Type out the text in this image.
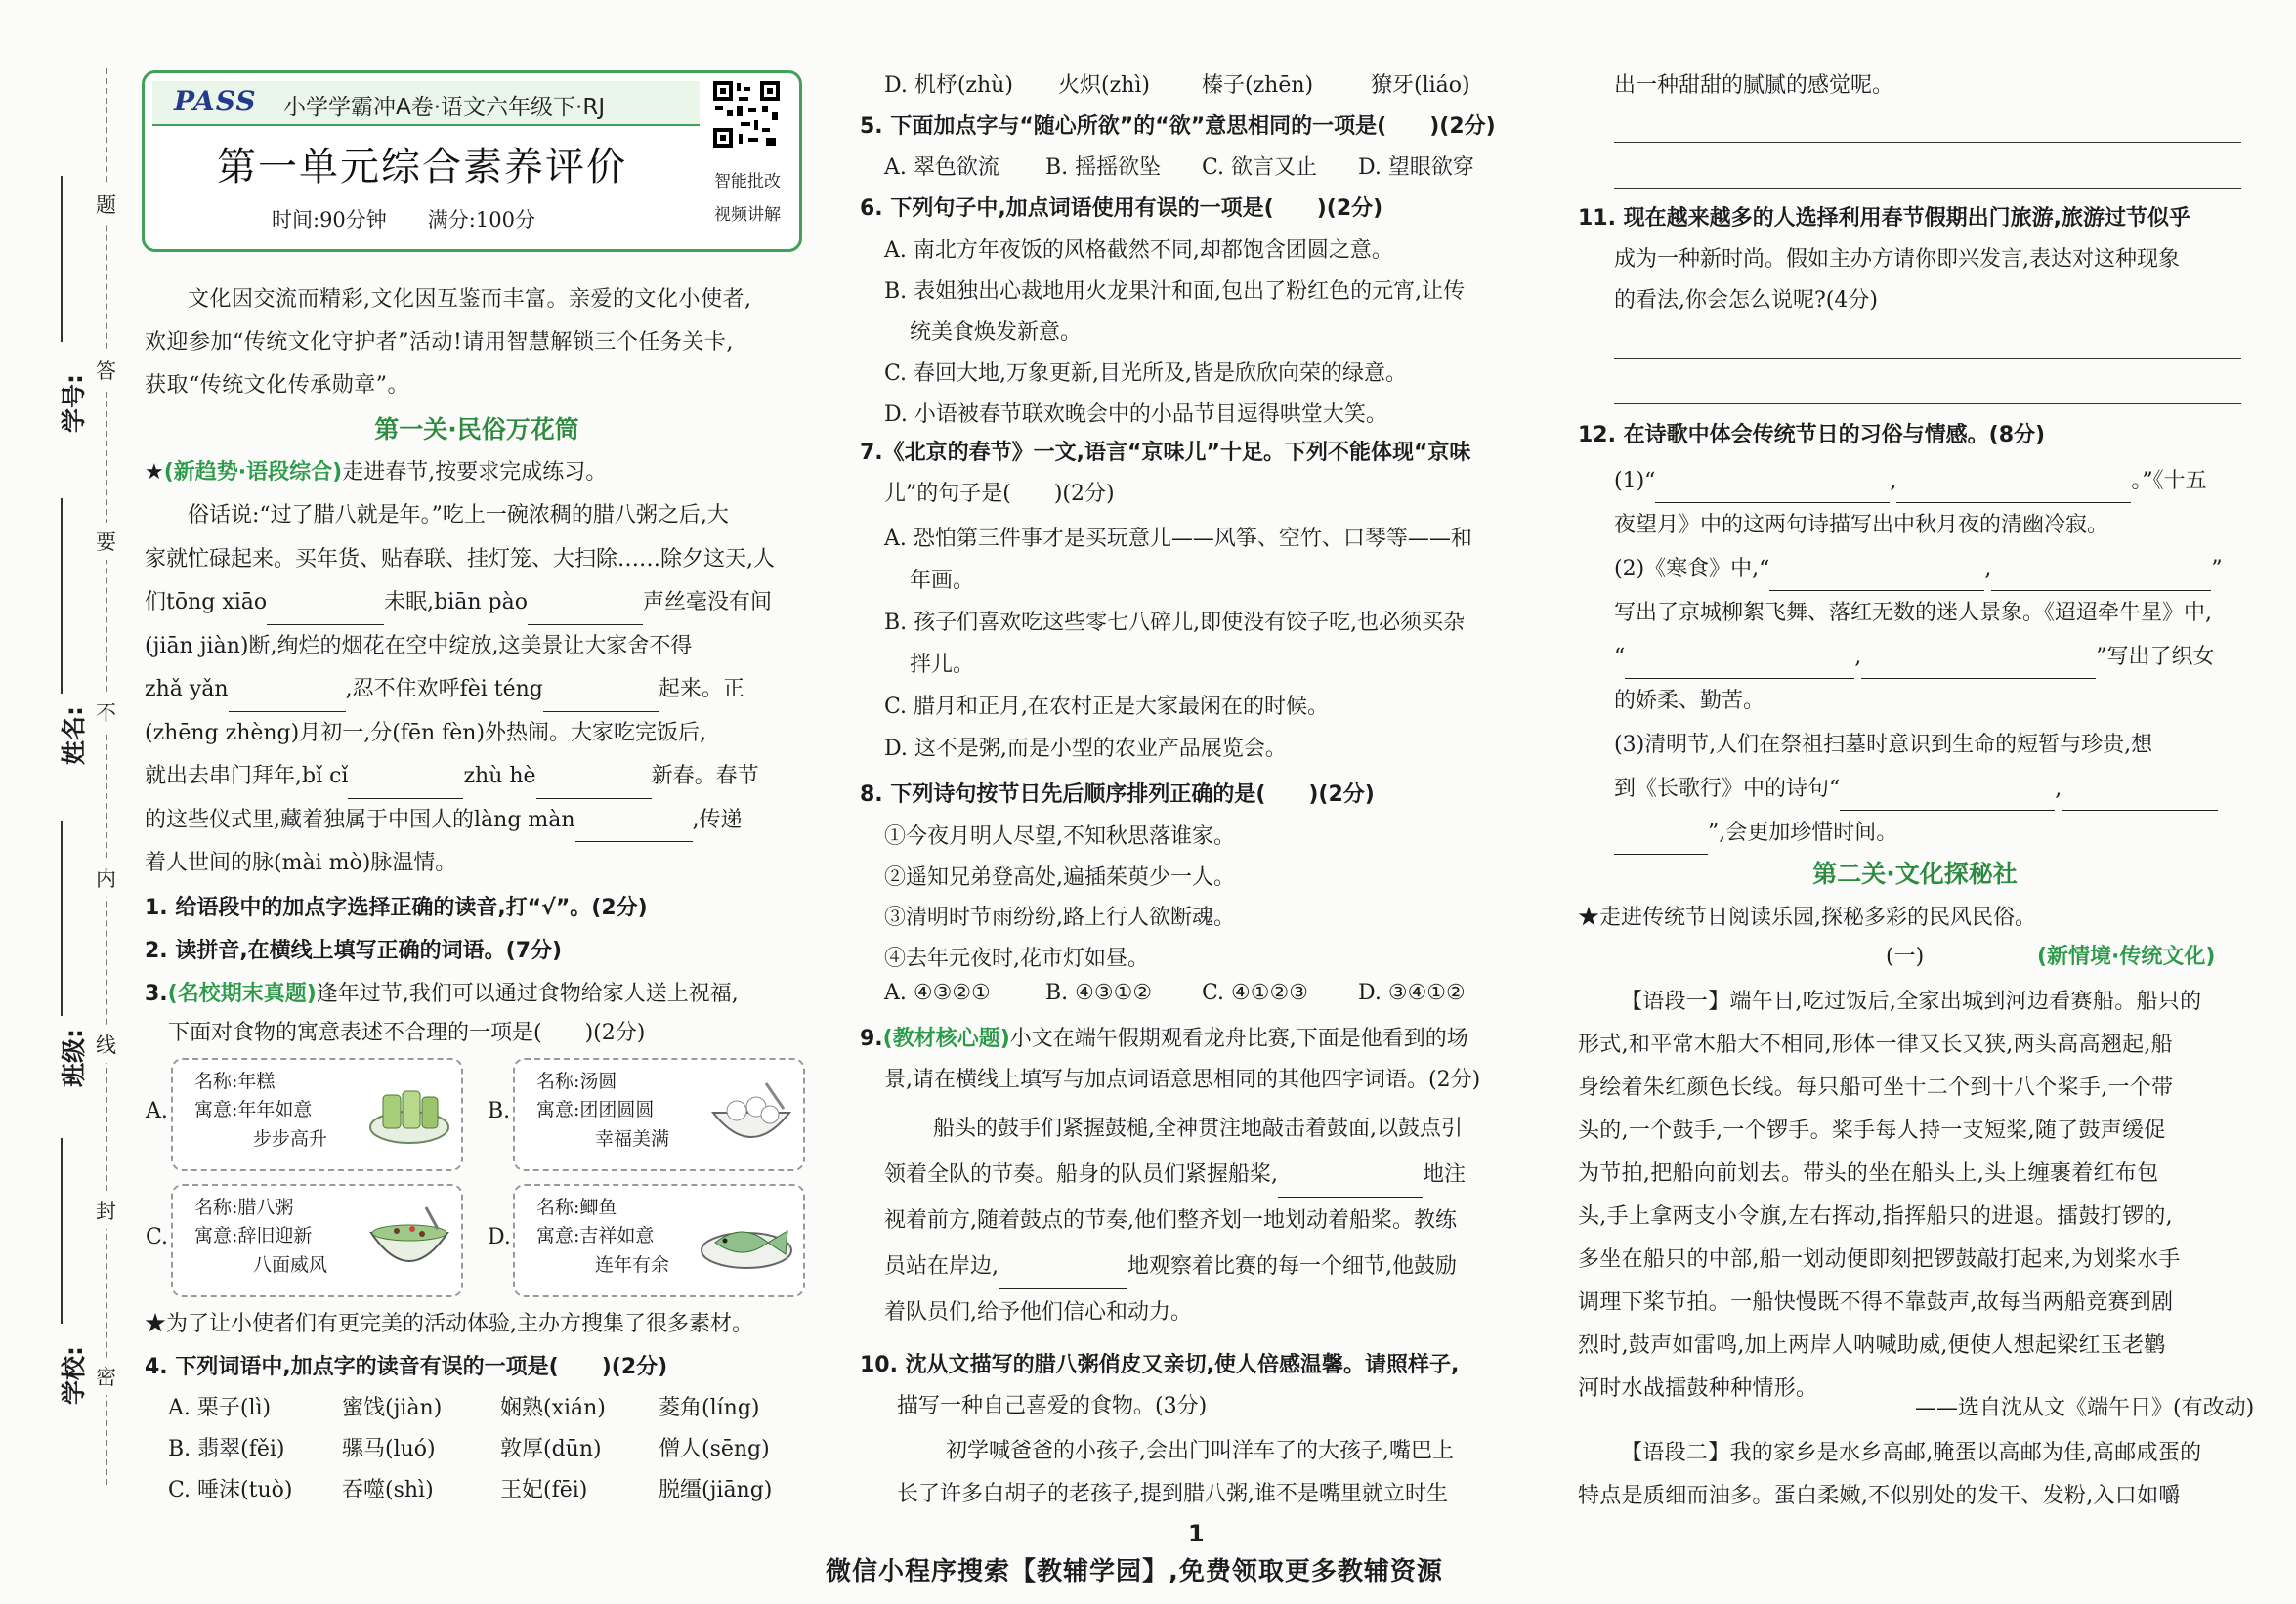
题
答
要
不
内
线
封
密
学号:
姓名:
班级:
学校:
PASS 小学学霸冲A卷·语文六年级下·RJ
第一单元综合素养评价
时间:90分钟　　 满分:100分
智能批改
视频讲解
文化因交流而精彩,文化因互鉴而丰富。亲爱的文化小使者,
欢迎参加“传统文化守护者”活动!请用智慧解锁三个任务关卡,
获取“传统文化传承勋章”。
第一关·民俗万花筒
★(新趋势·语段综合)走进春节,按要求完成练习。
俗话说:“过了腊八就是年。”吃上一碗浓稠的腊八粥之后,大
家就忙碌起来。买年货、贴春联、挂灯笼、大扫除……除夕这天,人
们tōng xiāo	未眠,biān pào	声丝毫没有间
(jiān jiàn)断,绚烂的烟花在空中绽放,这美景让大家舍不得
zhǎ yǎn	,忍不住欢呼fèi téng	起来。正
(zhēng zhèng)月初一,分(fēn fèn)外热闹。大家吃完饭后,
就出去串门拜年,bǐ cǐ	zhù hè	新春。春节
的这些仪式里,藏着独属于中国人的làng màn	,传递
着人世间的脉(mài mò)脉温情。
1. 给语段中的加点字选择正确的读音,打“√”。(2分)
2. 读拼音,在横线上填写正确的词语。(7分)
3.(名校期末真题)逢年过节,我们可以通过食物给家人送上祝福,
下面对食物的寓意表述不合理的一项是(　　)(2分)
A.
名称:年糕
寓意:年年如意
步步高升
B.
名称:汤圆
寓意:团团圆圆
幸福美满
C.
名称:腊八粥
寓意:辞旧迎新
八面威风
D.
名称:鲫鱼
寓意:吉祥如意
连年有余
★为了让小使者们有更完美的活动体验,主办方搜集了很多素材。
4. 下列词语中,加点字的读音有误的一项是(　　)(2分)
A. 栗子(lì)	蜜饯(jiàn)	娴熟(xián) 菱角(líng)
B. 翡翠(fěi)	骡马(luó)	敦厚(dūn)	僧人(sēng)
C. 唾沫(tuò) 吞噬(shì)	王妃(fēi)	脱缰(jiāng)
D. 机杼(zhù) 火炽(zhì) 榛子(zhēn)	獠牙(liáo)
5. 下面加点字与“随心所欲”的“欲”意思相同的一项是(　　)(2分)
A. 翠色欲流 B. 摇摇欲坠 C. 欲言又止 D. 望眼欲穿
6. 下列句子中,加点词语使用有误的一项是(　　)(2分)
A. 南北方年夜饭的风格截然不同,却都饱含团圆之意。
B. 表姐独出心裁地用火龙果汁和面,包出了粉红色的元宵,让传
统美食焕发新意。
C. 春回大地,万象更新,目光所及,皆是欣欣向荣的绿意。
D. 小语被春节联欢晚会中的小品节目逗得哄堂大笑。
7.《北京的春节》一文,语言“京味儿”十足。下列不能体现“京味
儿”的句子是(　　)(2分)
A. 恐怕第三件事才是买玩意儿——风筝、空竹、口琴等——和
年画。
B. 孩子们喜欢吃这些零七八碎儿,即使没有饺子吃,也必须买杂
拌儿。
C. 腊月和正月,在农村正是大家最闲在的时候。
D. 这不是粥,而是小型的农业产品展览会。
8. 下列诗句按节日先后顺序排列正确的是(　　)(2分)
①今夜月明人尽望,不知秋思落谁家。
②遥知兄弟登高处,遍插茱萸少一人。
③清明时节雨纷纷,路上行人欲断魂。
④去年元夜时,花市灯如昼。
A. ④③②①	B. ④③①② C. ④①②③ D. ③④①②
9.(教材核心题)小文在端午假期观看龙舟比赛,下面是他看到的场
景,请在横线上填写与加点词语意思相同的其他四字词语。(2分)
船头的鼓手们紧握鼓槌,全神贯注地敲击着鼓面,以鼓点引
领着全队的节奏。船身的队员们紧握船桨,	地注
视着前方,随着鼓点的节奏,他们整齐划一地划动着船桨。教练
员站在岸边,	地观察着比赛的每一个细节,他鼓励
着队员们,给予他们信心和动力。
10. 沈从文描写的腊八粥俏皮又亲切,使人倍感温馨。请照样子,
描写一种自己喜爱的食物。(3分)
初学喊爸爸的小孩子,会出门叫洋车了的大孩子,嘴巴上
长了许多白胡子的老孩子,提到腊八粥,谁不是嘴里就立时生
出一种甜甜的腻腻的感觉呢。
11. 现在越来越多的人选择利用春节假期出门旅游,旅游过节似乎
成为一种新时尚。假如主办方请你即兴发言,表达对这种现象
的看法,你会怎么说呢?(4分)
12. 在诗歌中体会传统节日的习俗与情感。(8分)
(1)“	,	。”《十五
夜望月》中的这两句诗描写出中秋月夜的清幽冷寂。
(2)《寒食》中,“	,	”
写出了京城柳絮飞舞、落红无数的迷人景象。《迢迢牵牛星》中,
“	,	”写出了织女
的娇柔、勤苦。
(3)清明节,人们在祭祖扫墓时意识到生命的短暂与珍贵,想
到《长歌行》中的诗句“	,
”,会更加珍惜时间。
第二关·文化探秘社
★走进传统节日阅读乐园,探秘多彩的民风民俗。
(一)	(新情境·传统文化)
【语段一】端午日,吃过饭后,全家出城到河边看赛船。船只的
形式,和平常木船大不相同,形体一律又长又狭,两头高高翘起,船
身绘着朱红颜色长线。每只船可坐十二个到十八个桨手,一个带
头的,一个鼓手,一个锣手。桨手每人持一支短桨,随了鼓声缓促
为节拍,把船向前划去。带头的坐在船头上,头上缠裹着红布包
头,手上拿两支小令旗,左右挥动,指挥船只的进退。擂鼓打锣的,
多坐在船只的中部,船一划动便即刻把锣鼓敲打起来,为划桨水手
调理下桨节拍。一船快慢既不得不靠鼓声,故每当两船竞赛到剧
烈时,鼓声如雷鸣,加上两岸人呐喊助威,便使人想起梁红玉老鹳
河时水战擂鼓种种情形。
——选自沈从文《端午日》(有改动)
【语段二】我的家乡是水乡高邮,腌蛋以高邮为佳,高邮咸蛋的
特点是质细而油多。蛋白柔嫩,不似别处的发干、发粉,入口如嚼
1
微信小程序搜索【教辅学园】,免费领取更多教辅资源
